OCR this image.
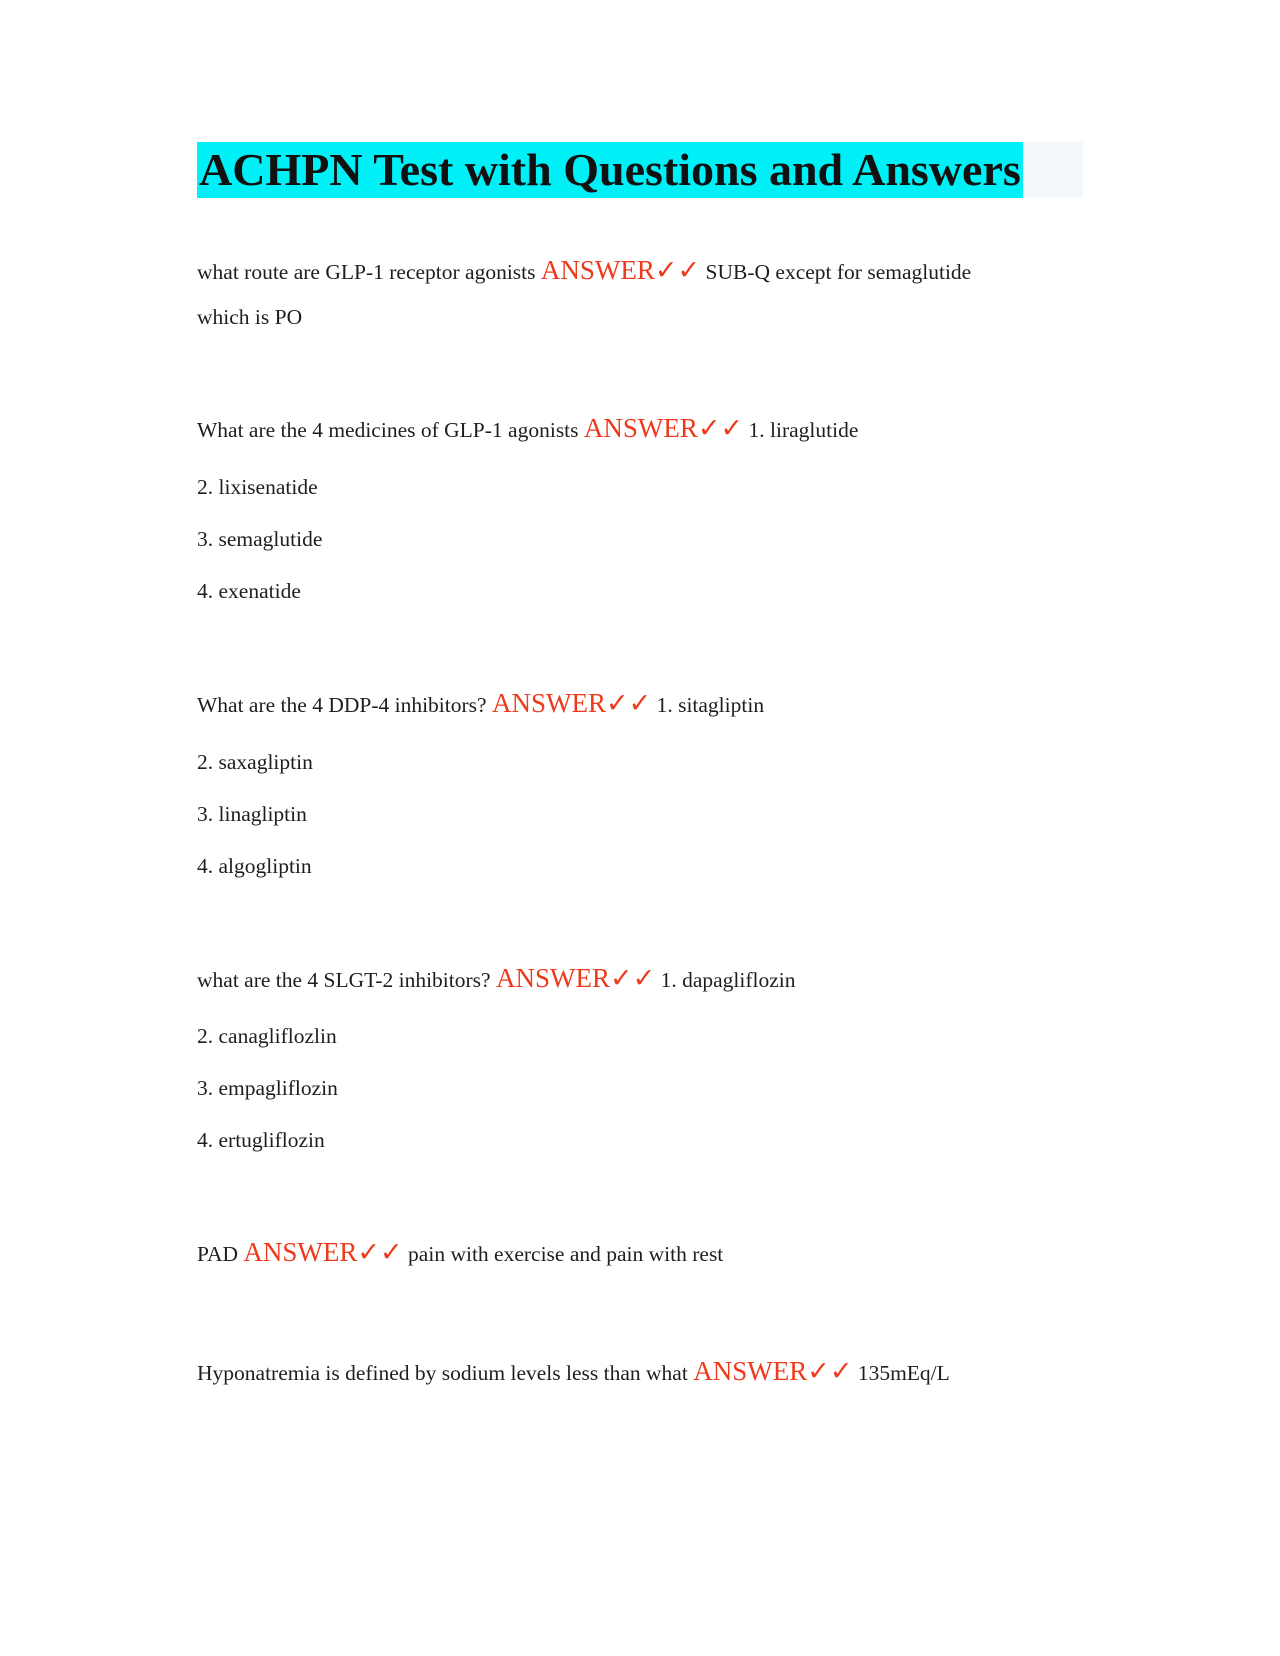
ACHPN Test with Questions and Answers
what route are GLP-1 receptor agonists ANSWER✓✓ SUB-Q except for semaglutide
which is PO
What are the 4 medicines of GLP-1 agonists ANSWER✓✓ 1. liraglutide
2. lixisenatide
3. semaglutide
4. exenatide
What are the 4 DDP-4 inhibitors? ANSWER✓✓ 1. sitagliptin
2. saxagliptin
3. linagliptin
4. algogliptin
what are the 4 SLGT-2 inhibitors? ANSWER✓✓ 1. dapagliflozin
2. canagliflozlin
3. empagliflozin
4. ertugliflozin
PAD ANSWER✓✓ pain with exercise and pain with rest
Hyponatremia is defined by sodium levels less than what ANSWER✓✓ 135mEq/L
